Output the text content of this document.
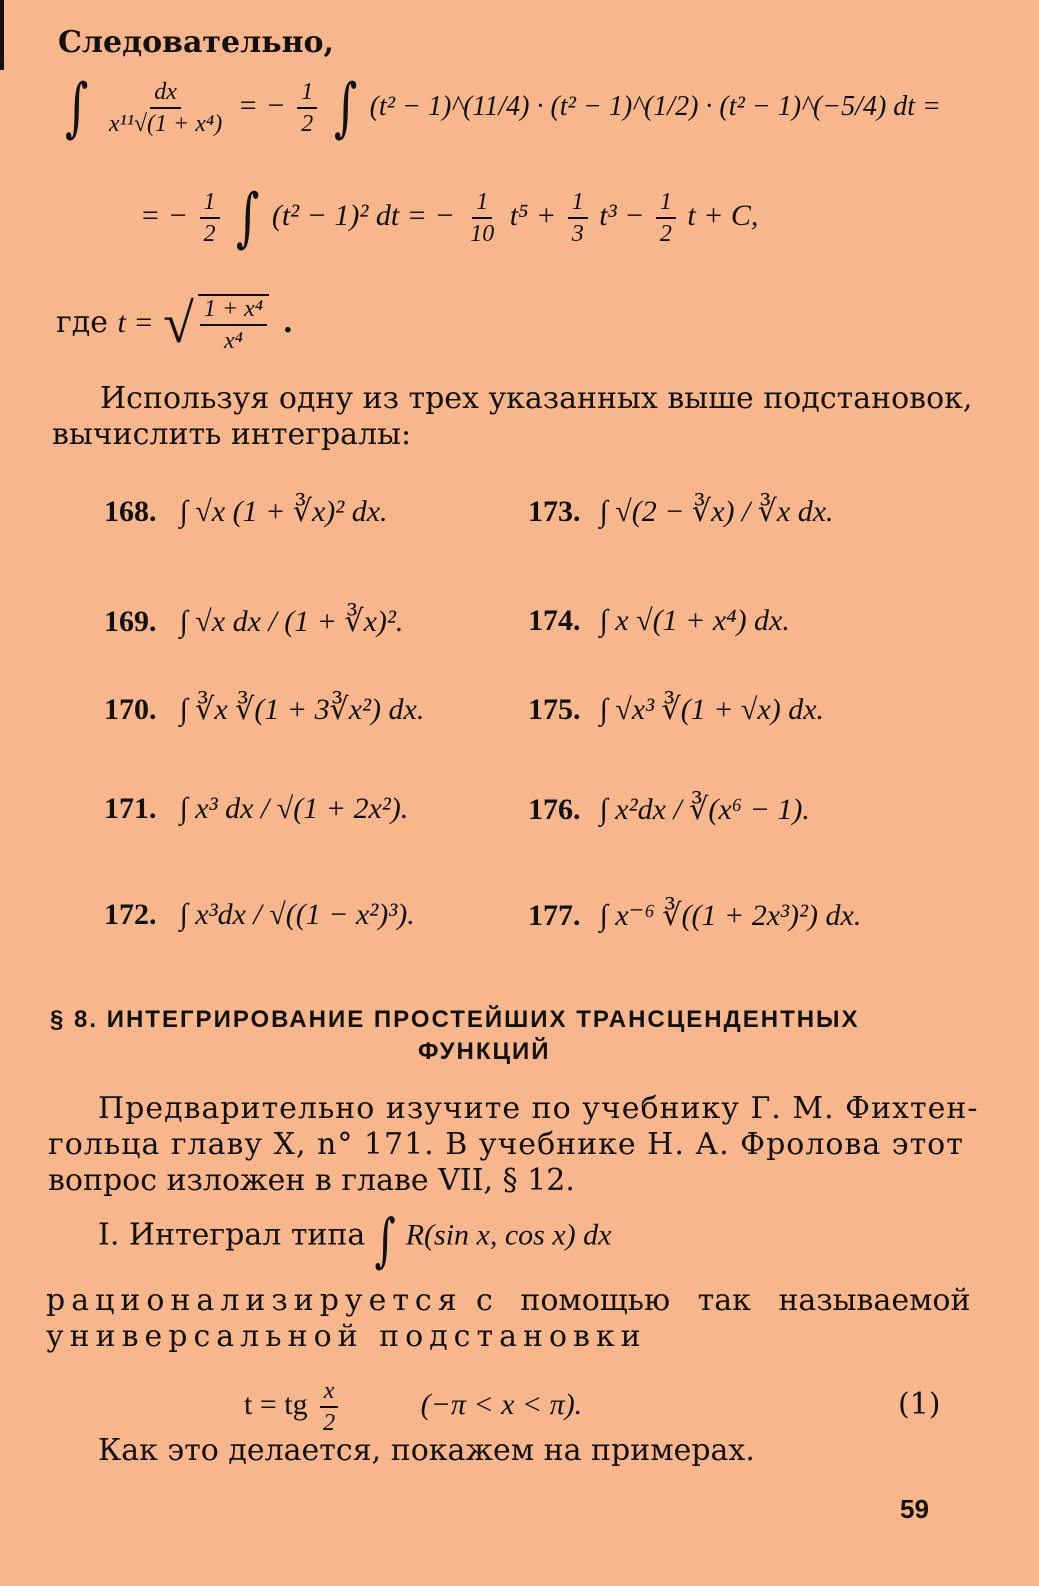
Следовательно,
∫ $\frac{dx}{\text{x¹¹√(1 + x⁴)}}$ = − $\frac{1}{2}$ ∫ (t² − 1)^(11/4) · (t² − 1)^(1/2) · (t² − 1)^(−5/4) dt =
= − $\frac{1}{2}$ ∫ (t² − 1)² dt = − $\frac{1}{10} t^5 + \frac{1}{3} t^3 - \frac{1}{2}$ t + C,
где t = √ $\frac{\text{1 + x⁴}}{\text{x⁴}}$ .
Используя одну из трех указанных выше подстановок,
вычислить интегралы:
168. ∫ √x (1 + ∛x)² dx.
169. ∫ √x dx / (1 + ∛x)².
170. ∫ ∛x ∛(1 + 3∛x²) dx.
171. ∫ x³ dx / √(1 + 2x²).
172. ∫ x³dx / √((1 − x²)³).
173. ∫ √(2 − ∛x) / ∛x dx.
174. ∫ x √(1 + x⁴) dx.
175. ∫ √x³ ∛(1 + √x) dx.
176. ∫ x²dx / ∛(x⁶ − 1).
177. ∫ x⁻⁶ ∛((1 + 2x³)²) dx.
§ 8. ИНТЕГРИРОВАНИЕ ПРОСТЕЙШИХ ТРАНСЦЕНДЕНТНЫХ
ФУНКЦИЙ
Предварительно изучите по учебнику Г. М. Фихтен-
гольца главу X, n° 171. В учебнике Н. А. Фролова этот
вопрос изложен в главе VII, § 12.
I. Интеграл типа ∫ R(sin x, cos x) dx
рационализируется с помощью так называемой
универсальной подстановки
t = tg $\frac{x}{2}$	(−π < x < π).	(1)
Как это делается, покажем на примерах.
59
